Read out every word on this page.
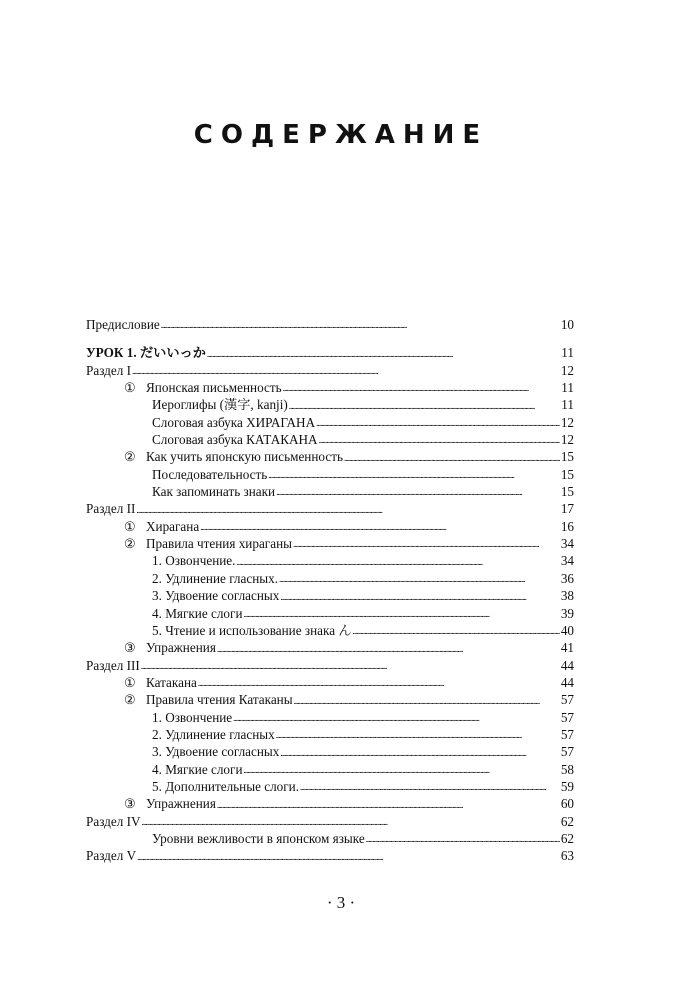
СОДЕРЖАНИЕ
Предисловие . . .	10
УРОК 1. だいいっか . . .	11
Раздел I . . .	12
① Японская письменность . . .	11
Иероглифы (漢字, kanji) . . .	11
Слоговая азбука ХИРАГАНА . . .	12
Слоговая азбука КАТАКАНА . . .	12
② Как учить японскую письменность . . .	15
Последовательность . . .	15
Как запоминать знаки . . .	15
Раздел II . . .	17
① Хирагана . . .	16
② Правила чтения хираганы . . .	34
1. Озвончение. . . .	34
2. Удлинение гласных. . . .	36
3. Удвоение согласных . . .	38
4. Мягкие слоги . . .	39
5. Чтение и использование знака ん . . .	40
③ Упражнения . . .	41
Раздел III . . .	44
① Катакана . . .	44
② Правила чтения Катаканы . . .	57
1. Озвончение . . .	57
2. Удлинение гласных . . .	57
3. Удвоение согласных . . .	57
4. Мягкие слоги . . .	58
5. Дополнительные слоги. . . .	59
③ Упражнения . . .	60
Раздел IV . . .	62
Уровни вежливости в японском языке . . .	62
Раздел V . . .	63
· 3 ·
